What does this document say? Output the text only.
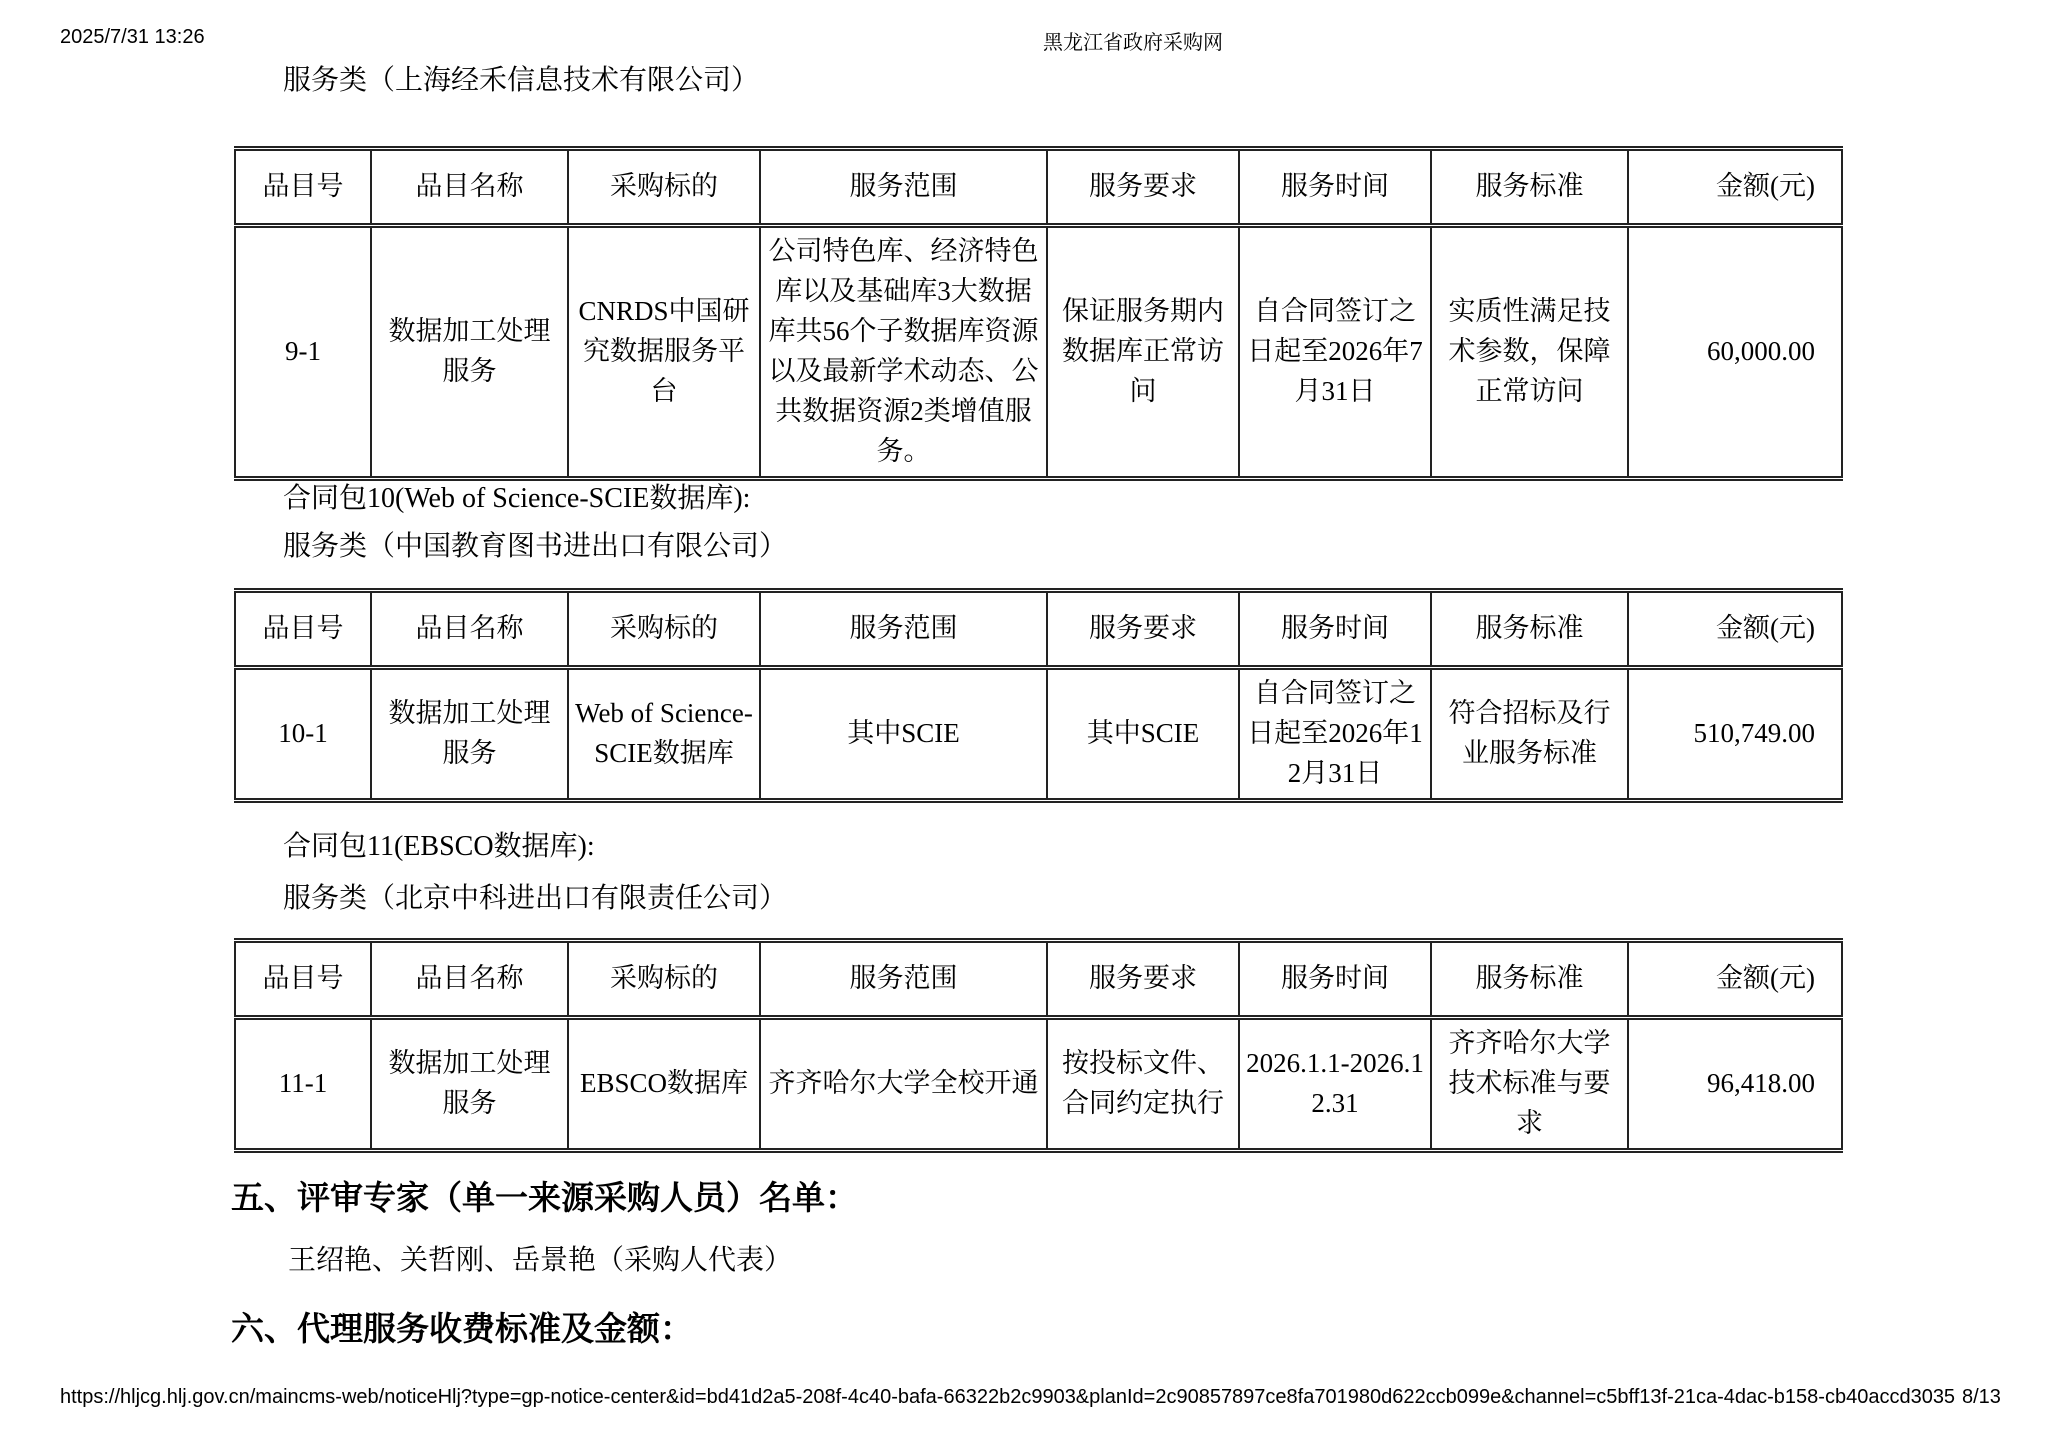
2025/7/31 13:26	黑龙江省政府采购网
服务类（上海经禾信息技术有限公司）
品目号	品目名称	采购标的	服务范围	服务要求	服务时间	服务标准	金额(元)
9-1	数据加工处理服务	CNRDS中国研究数据服务平台	公司特色库、经济特色库以及基础库3大数据库共56个子数据库资源以及最新学术动态、公共数据资源2类增值服务。	保证服务期内数据库正常访问	自合同签订之日起至2026年7月31日	实质性满足技术参数，保障正常访问	60,000.00
合同包10(Web of Science-SCIE数据库):
服务类（中国教育图书进出口有限公司）
品目号	品目名称	采购标的	服务范围	服务要求	服务时间	服务标准	金额(元)
10-1	数据加工处理服务	Web of Science-SCIE数据库	其中SCIE	其中SCIE	自合同签订之日起至2026年12月31日	符合招标及行业服务标准	510,749.00
合同包11(EBSCO数据库):
服务类（北京中科进出口有限责任公司）
品目号	品目名称	采购标的	服务范围	服务要求	服务时间	服务标准	金额(元)
11-1	数据加工处理服务	EBSCO数据库	齐齐哈尔大学全校开通	按投标文件、合同约定执行	2026.1.1-2026.12.31	齐齐哈尔大学技术标准与要求	96,418.00
五、评审专家（单一来源采购人员）名单：
王绍艳、关哲刚、岳景艳（采购人代表）
六、代理服务收费标准及金额：
https://hljcg.hlj.gov.cn/maincms-web/noticeHlj?type=gp-notice-center&id=bd41d2a5-208f-4c40-bafa-66322b2c9903&planId=2c90857897ce8fa701980d622ccb099e&channel=c5bff13f-21ca-4dac-b158-cb40accd3035 8/13
